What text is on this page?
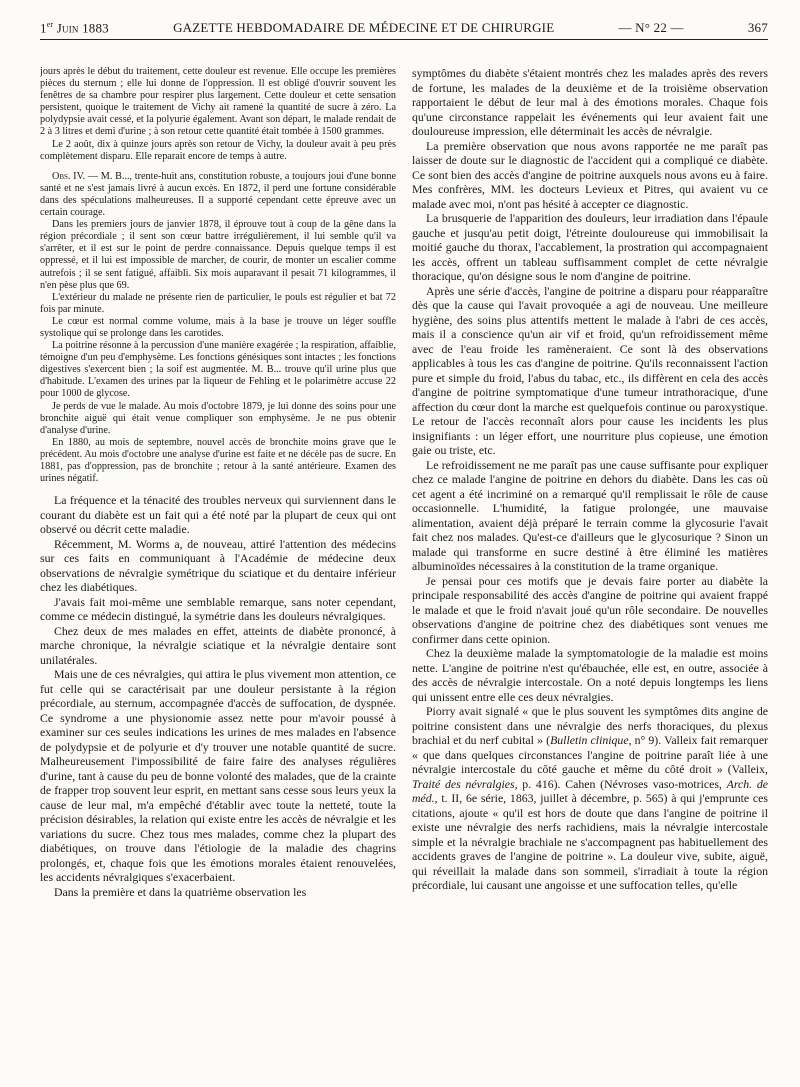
1er Juin 1883	GAZETTE HEBDOMADAIRE DE MÉDECINE ET DE CHIRURGIE	— N° 22 —	367

jours après le début du traitement, cette douleur est revenue. Elle occupe les premières pièces du sternum ; elle lui donne de l'oppression. Il est obligé d'ouvrir souvent les fenêtres de sa chambre pour respirer plus largement. Cette douleur et cette sensation persistent, quoique le traitement de Vichy ait ramené la quantité de sucre à zéro. La polydypsie avait cessé, et la polyurie également. Avant son départ, le malade rendait de 2 à 3 litres et demi d'urine ; à son retour cette quantité était tombée à 1500 grammes.

Le 2 août, dix à quinze jours après son retour de Vichy, la douleur avait à peu près complètement disparu. Elle reparait encore de temps à autre.

Obs. IV. — M. B..., trente-huit ans, constitution robuste, a toujours joui d'une bonne santé et ne s'est jamais livré à aucun excès. En 1872, il perd une fortune considérable dans des spéculations malheureuses. Il a supporté cependant cette épreuve avec un certain courage.

Dans les premiers jours de janvier 1878, il éprouve tout à coup de la gêne dans la région précordiale ; il sent son cœur battre irrégulièrement, il lui semble qu'il va s'arrêter, et il est sur le point de perdre connaissance. Depuis quelque temps il est oppressé, et il lui est impossible de marcher, de courir, de monter un escalier comme autrefois ; il se sent fatigué, affaibli. Six mois auparavant il pesait 71 kilogrammes, il n'en pèse plus que 69.

L'extérieur du malade ne présente rien de particulier, le pouls est régulier et bat 72 fois par minute.

Le cœur est normal comme volume, mais à la base je trouve un léger souffle systolique qui se prolonge dans les carotides.

La poitrine résonne à la percussion d'une manière exagérée ; la respiration, affaiblie, témoigne d'un peu d'emphysème. Les fonctions génésiques sont intactes ; les fonctions digestives s'exercent bien ; la soif est augmentée. M. B... trouve qu'il urine plus que d'habitude. L'examen des urines par la liqueur de Fehling et le polarimètre accuse 22 pour 1000 de glycose.

Je perds de vue le malade. Au mois d'octobre 1879, je lui donne des soins pour une bronchite aiguë qui était venue compliquer son emphysème. Je ne pus obtenir d'analyse d'urine.

En 1880, au mois de septembre, nouvel accès de bronchite moins grave que le précédent. Au mois d'octobre une analyse d'urine est faite et ne décèle pas de sucre. En 1881, pas d'oppression, pas de bronchite ; retour à la santé antérieure. Examen des urines négatif.

La fréquence et la ténacité des troubles nerveux qui surviennent dans le courant du diabète est un fait qui a été noté par la plupart de ceux qui ont observé ou décrit cette maladie.

Récemment, M. Worms a, de nouveau, attiré l'attention des médecins sur ces faits en communiquant à l'Académie de médecine deux observations de névralgie symétrique du sciatique et du dentaire inférieur chez les diabétiques.

J'avais fait moi-même une semblable remarque, sans noter cependant, comme ce médecin distingué, la symétrie dans les douleurs névralgiques.

Chez deux de mes malades en effet, atteints de diabète prononcé, à marche chronique, la névralgie sciatique et la névralgie dentaire sont unilatérales.

Mais une de ces névralgies, qui attira le plus vivement mon attention, ce fut celle qui se caractérisait par une douleur persistante à la région précordiale, au sternum, accompagnée d'accès de suffocation, de dyspnée. Ce syndrome a une physionomie assez nette pour m'avoir poussé à examiner sur ces seules indications les urines de mes malades en l'absence de polydypsie et de polyurie et d'y trouver une notable quantité de sucre. Malheureusement l'impossibilité de faire faire des analyses régulières d'urine, tant à cause du peu de bonne volonté des malades, que de la crainte de frapper trop souvent leur esprit, en mettant sans cesse sous leurs yeux la cause de leur mal, m'a empêché d'établir avec toute la netteté, toute la précision désirables, la relation qui existe entre les accès de névralgie et les variations du sucre. Chez tous mes malades, comme chez la plupart des diabétiques, on trouve dans l'étiologie de la maladie des chagrins prolongés, et, chaque fois que les émotions morales étaient renouvelées, les accidents névralgiques s'exacerbaient.

Dans la première et dans la quatrième observation les

symptômes du diabète s'étaient montrés chez les malades après des revers de fortune, les malades de la deuxième et de la troisième observation rapportaient le début de leur mal à des émotions morales. Chaque fois qu'une circonstance rappelait les événements qui leur avaient fait une douloureuse impression, elle déterminait les accès de névralgie.

La première observation que nous avons rapportée ne me paraît pas laisser de doute sur le diagnostic de l'accident qui a compliqué ce diabète. Ce sont bien des accès d'angine de poitrine auxquels nous avons eu à faire. Mes confrères, MM. les docteurs Levieux et Pitres, qui avaient vu ce malade avec moi, n'ont pas hésité à accepter ce diagnostic.

La brusquerie de l'apparition des douleurs, leur irradiation dans l'épaule gauche et jusqu'au petit doigt, l'étreinte douloureuse qui immobilisait la moitié gauche du thorax, l'accablement, la prostration qui accompagnaient les accès, offrent un tableau suffisamment complet de cette névralgie thoracique, qu'on désigne sous le nom d'angine de poitrine.

Après une série d'accès, l'angine de poitrine a disparu pour réapparaître dès que la cause qui l'avait provoquée a agi de nouveau. Une meilleure hygiène, des soins plus attentifs mettent le malade à l'abri de ces accès, mais il a conscience qu'un air vif et froid, qu'un refroidissement même avec de l'eau froide les ramèneraient. Ce sont là des observations applicables à tous les cas d'angine de poitrine. Qu'ils reconnaissent l'action pure et simple du froid, l'abus du tabac, etc., ils diffèrent en cela des accès d'angine de poitrine symptomatique d'une tumeur intrathoracique, d'une affection du cœur dont la marche est quelquefois continue ou paroxystique. Le retour de l'accès reconnaît alors pour cause les incidents les plus insignifiants : un léger effort, une nourriture plus copieuse, une émotion gaie ou triste, etc.

Le refroidissement ne me paraît pas une cause suffisante pour expliquer chez ce malade l'angine de poitrine en dehors du diabète. Dans les cas où cet agent a été incriminé on a remarqué qu'il remplissait le rôle de cause occasionnelle. L'humidité, la fatigue prolongée, une mauvaise alimentation, avaient déjà préparé le terrain comme la glycosurie l'avait fait chez nos malades. Qu'est-ce d'ailleurs que le glycosurique ? Sinon un malade qui transforme en sucre destiné à être éliminé les matières albuminoïdes nécessaires à la constitution de la trame organique.

Je pensai pour ces motifs que je devais faire porter au diabète la principale responsabilité des accès d'angine de poitrine qui avaient frappé le malade et que le froid n'avait joué qu'un rôle secondaire. De nouvelles observations d'angine de poitrine chez des diabétiques sont venues me confirmer dans cette opinion.

Chez la deuxième malade la symptomatologie de la maladie est moins nette. L'angine de poitrine n'est qu'ébauchée, elle est, en outre, associée à des accès de névralgie intercostale. On a noté depuis longtemps les liens qui unissent entre elle ces deux névralgies.

Piorry avait signalé « que le plus souvent les symptômes dits angine de poitrine consistent dans une névralgie des nerfs thoraciques, du plexus brachial et du nerf cubital » (Bulletin clinique, n° 9). Valleix fait remarquer « que dans quelques circonstances l'angine de poitrine paraît liée à une névralgie intercostale du côté gauche et même du côté droit » (Valleix, Traité des névralgies, p. 416). Cahen (Névroses vaso-motrices, Arch. de méd., t. II, 6e série, 1863, juillet à décembre, p. 565) à qui j'emprunte ces citations, ajoute « qu'il est hors de doute que dans l'angine de poitrine il existe une névralgie des nerfs rachidiens, mais la névralgie intercostale simple et la névralgie brachiale ne s'accompagnent pas habituellement des accidents graves de l'angine de poitrine ». La douleur vive, subite, aiguë, qui réveillait la malade dans son sommeil, s'irradiait à toute la région précordiale, lui causant une angoisse et une suffocation telles, qu'elle
